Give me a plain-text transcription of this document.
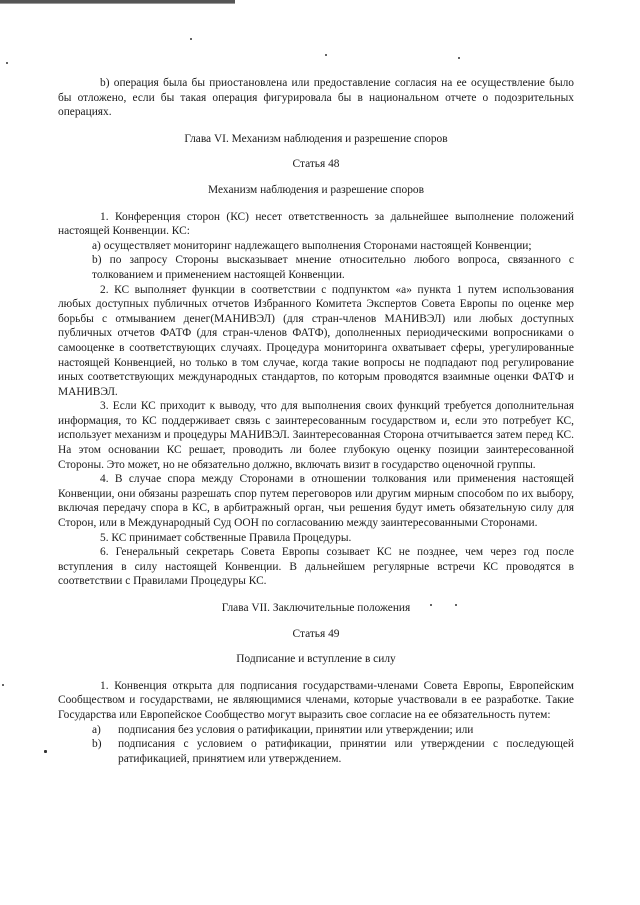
b) операция была бы приостановлена или предоставление согласия на ее осуществление было бы отложено, если бы такая операция фигурировала бы в национальном отчете о подозрительных операциях.

Глава VI. Механизм наблюдения и разрешение споров

Статья 48

Механизм наблюдения и разрешение споров

1. Конференция сторон (КС) несет ответственность за дальнейшее выполнение положений настоящей Конвенции. КС:

a) осуществляет мониторинг надлежащего выполнения Сторонами настоящей Конвенции;

b) по запросу Стороны высказывает мнение относительно любого вопроса, связанного с толкованием и применением настоящей Конвенции.

2. КС выполняет функции в соответствии с подпунктом «а» пункта 1 путем использования любых доступных публичных отчетов Избранного Комитета Экспертов Совета Европы по оценке мер борьбы с отмыванием денег(МАНИВЭЛ) (для стран-членов МАНИВЭЛ) или любых доступных публичных отчетов ФАТФ (для стран-членов ФАТФ), дополненных периодическими вопросниками о самооценке в соответствующих случаях. Процедура мониторинга охватывает сферы, урегулированные настоящей Конвенцией, но только в том случае, когда такие вопросы не подпадают под регулирование иных соответствующих международных стандартов, по которым проводятся взаимные оценки ФАТФ и МАНИВЭЛ.

3. Если КС приходит к выводу, что для выполнения своих функций требуется дополнительная информация, то КС поддерживает связь с заинтересованным государством и, если это потребует КС, использует механизм и процедуры МАНИВЭЛ. Заинтересованная Сторона отчитывается затем перед КС. На этом основании КС решает, проводить ли более глубокую оценку позиции заинтересованной Стороны. Это может, но не обязательно должно, включать визит в государство оценочной группы.

4. В случае спора между Сторонами в отношении толкования или применения настоящей Конвенции, они обязаны разрешать спор путем переговоров или другим мирным способом по их выбору, включая передачу спора в КС, в арбитражный орган, чьи решения будут иметь обязательную силу для Сторон, или в Международный Суд ООН по согласованию между заинтересованными Сторонами.

5. КС принимает собственные Правила Процедуры.

6. Генеральный секретарь Совета Европы созывает КС не позднее, чем через год после вступления в силу настоящей Конвенции. В дальнейшем регулярные встречи КС проводятся в соответствии с Правилами Процедуры КС.

Глава VII. Заключительные положения

Статья 49

Подписание и вступление в силу

1. Конвенция открыта для подписания государствами-членами Совета Европы, Европейским Сообществом и государствами, не являющимися членами, которые участвовали в ее разработке. Такие Государства или Европейское Сообщество могут выразить свое согласие на ее обязательность путем:

a)	подписания без условия о ратификации, принятии или утверждении; или
b)	подписания с условием о ратификации, принятии или утверждении с последующей ратификацией, принятием или утверждением.
